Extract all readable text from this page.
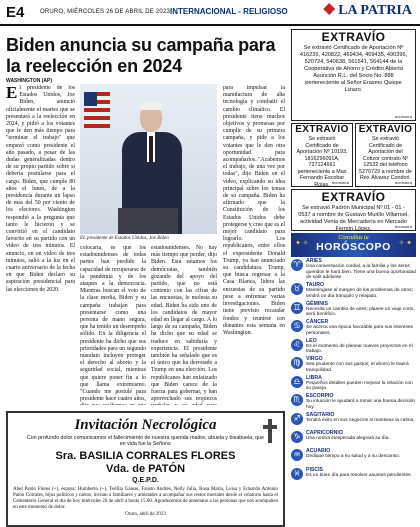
E4	ORURO, MIÉRCOLES 26 DE ABRIL DE 2023 INTERNACIONAL - RELIGIOSO	LA PATRIA
Biden anuncia su campaña para la reelección en 2024
WASHINGTON (AP)
El presidente de los Estados Unidos, Joe Biden, anunció oficialmente el martes que se presentará a la reelección en 2024, y pidió a los votantes que le den más tiempo para "terminar el trabajo" que empezó como presidente el año pasado, a pesar de las dudas generalizadas dentro de su propio partido sobre si debería postularse para el cargo. Biden, que cumple 80 años el lunes, de a la presidencia durante un lapso de más del 50 por ciento de los electores. Washington respondió a la pregunta que tanto le hicieron y se convirtió en el candidato favorito en su partido con un video de tres minutos. El anuncio, en un video de tres minutos, salió a la luz en el cuarto aniversario de la fecha en que Biden declaró su aspiración presidencial para las elecciones de 2020.
EL presidente de Estados Unidos, Joe Biden
colocaría, es que los estadounidenses de todas partes han perdido la capacidad de recuperarse de la pandemia y de los ataques a la democracia. Mientras buscan el voto de la clase media, Biden y su campaña trabajan para presentarse como una persona de mano segura, que ha tenido un desempeño sólido. En la diligencia el presidente ha dicho que sus prioridades para un segundo mandato incluyen proteger el derecho al aborto y la seguridad social, mientras que quiere poner fin a lo que llama extremismo. "Cuando me postulé para presidente hace cuatro años,
estadounidenses. No hay más tiempo que perder, dijo Biden. Está estamos los demócratas, también gozando del apoyo del partido, que no está contento con las cifras de las encuestas, le molesta su edad. Biden ha sido uno de los candidatos de mayor edad en llegar al cargo. A lo largo de su campaña, Biden ha dicho que su edad se traduce en sabiduría y experiencia. El presidente también ha señalado que es el único que ha derrotado a Trump en una elección. Los republicanos han enfatizado que Biden carece de la fuerza para gobernar, y han aprovechado sus tropiezos
para impulsar la manufactura de alta tecnología y combatir el cambio climático. El presidente tiene muchos objetivos y promesas por cumplir de su primera campaña, y pide a los votantes que le den otra oportunidad para acompañarlos. "Acabemos el trabajo, de una vez por todas", dijo Biden en el video, explicando su idea principal sobre los temas de su campaña. Biden ha afirmado que la Constitución de los Estados Unidos debe protegerse y cree que es el mejor candidato para lograrlo. Los republicanos, entre ellos el expresidente Donald Trump, ya han anunciado su candidatura. Trump, que busca regresar a la Casa Blanca, lidera las encuestas de su partido pese a enfrentar varias investigaciones. Biden tiene previsto recaudar fondos y reunirse con donantes esta semana en Washington.
Invitación Necrológica
Con profundo dolor comunicamos el fallecimiento de nuestra querida madre, abuela y bisabuela, que en vida fue la Señora:
Sra. BASILIA CORRALES FLORES
Vda. de PATÓN
Q.E.P.D.
Abel Patón Flores (+), esposa: Humberto (+), Teófila Galeas, Fausto Andrés, Nelly Julia, Rosa María, Luisa y Eduardo Antonio Patón Corrales, hijos políticos y nietos, invitan a familiares y amistades a acompañar sus restos mortales desde el velatorio hasta el Cementerio General el día de hoy miércoles 26 de abril a horas 15:00. Agradecemos de antemano a las personas que nos acompañen en este momento de dolor.
Oruro, abril de 2023
EXTRAVÍO
Se extravió Certificado de Aportación Nº 416239, 420822, 469434, 469435, 490396, 520724, 540638, 561541, 564144 de la Cooperativa de Ahorro y Crédito Abierta Asunción R.L. del Socio No. 888 perteneciente al Señor Erasmo Quispe Lizazo.
B60 8MZ8-B
EXTRAVÍO
Se extravió Certificado de Aportación Nº 10193, 1816296091A, 727124661 perteneciente a Max Fernando Escobar Rojas. B60 8MZ8-B
EXTRAVÍO
Se extravió Certificado de Aportación del Cotizor contrato Nº 12532 del teléfono 5270729 a nombre de Rex Álvarez Condori.
B60 8MZ8-B
EXTRAVÍO
Se extravió Padrón Municipal Nº 01 - 01 - 0537 a nombre de Gustavo Murillo Villarroel, actividad Venta de Mercadería en Mercado Fermín López.	B60 8MZ8-B
✦ ✧	✧ ✦
Consultas tu
HORÓSCOPO
♈	ARIES
Una conversación cordial, a la familia y los seres queridos le hará bien. Tiene una buena oportunidad de salir adelante.
♉	TAURO
Manténgase al margen de los problemas de otros; tendrá un día tranquilo y relajado.
♊	GÉMINIS
Necesita un cambio de aires; planee un viaje corto, será benéfico.
♋	CÁNCER
Se acerca una época favorable para sus intereses personales.
♌	LEO
Es el momento de planear nuevos proyectos en el trabajo.
♍	VIRGO
Sea prudente con sus gastos; el ahorro le traerá tranquilidad.
♎	LIBRA
Pequeños detalles pueden mejorar la relación con su pareja.
♏	ESCORPIO
Su intuición le ayudará a tomar una buena decisión hoy.
♐	SAGITARIO
Tendrá éxito en sus negocios si mantiene la calma.
♑	CAPRICORNIO
Una noticia inesperada alegrará su día.
♒	ACUARIO
Dedique tiempo a su salud y a su descanso.
♓	PISCIS
Es un buen día para resolver asuntos pendientes.
